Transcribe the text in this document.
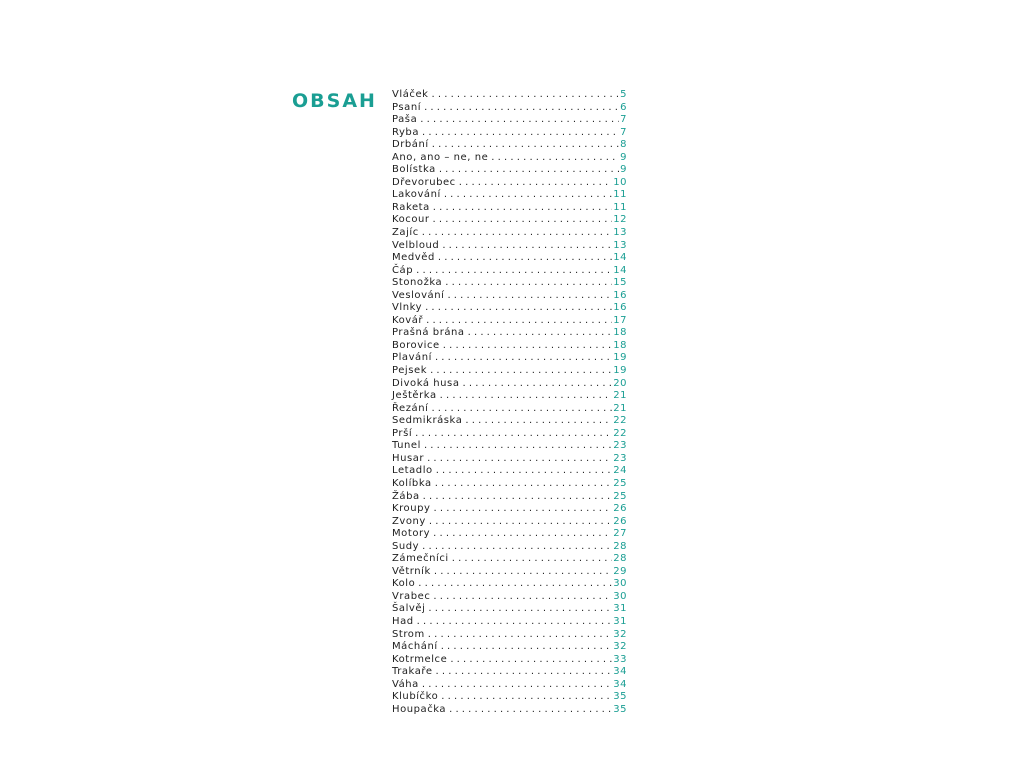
OBSAH Vláček . . .	5
Psaní . . .	6
Paša . . .	7
Ryba . . .	7
Drbání . . .	8
Ano, ano – ne, ne . . .	9
Bolístka . . .	9
Dřevorubec . . .	10
Lakování . . .	11
Raketa . . .	11
Kocour . . .	12
Zajíc . . .	13
Velbloud . . .	13
Medvěd . . .	14
Čáp . . .	14
Stonožka . . .	15
Veslování . . .	16
Vlnky . . .	16
Kovář . . .	17
Prašná brána . . .	18
Borovice . . .	18
Plavání . . .	19
Pejsek . . .	19
Divoká husa . . .	20
Ještěrka . . .	21
Řezání . . .	21
Sedmikráska . . .	22
Prší . . .	22
Tunel . . .	23
Husar . . .	23
Letadlo . . .	24
Kolíbka . . .	25
Žába . . .	25
Kroupy . . .	26
Zvony . . .	26
Motory . . .	27
Sudy . . .	28
Zámečníci . . .	28
Větrník . . .	29
Kolo . . .	30
Vrabec . . .	30
Šalvěj . . .	31
Had . . .	31
Strom . . .	32
Máchání . . .	32
Kotrmelce . . .	33
Trakaře . . .	34
Váha . . .	34
Klubíčko . . .	35
Houpačka . . .	35
